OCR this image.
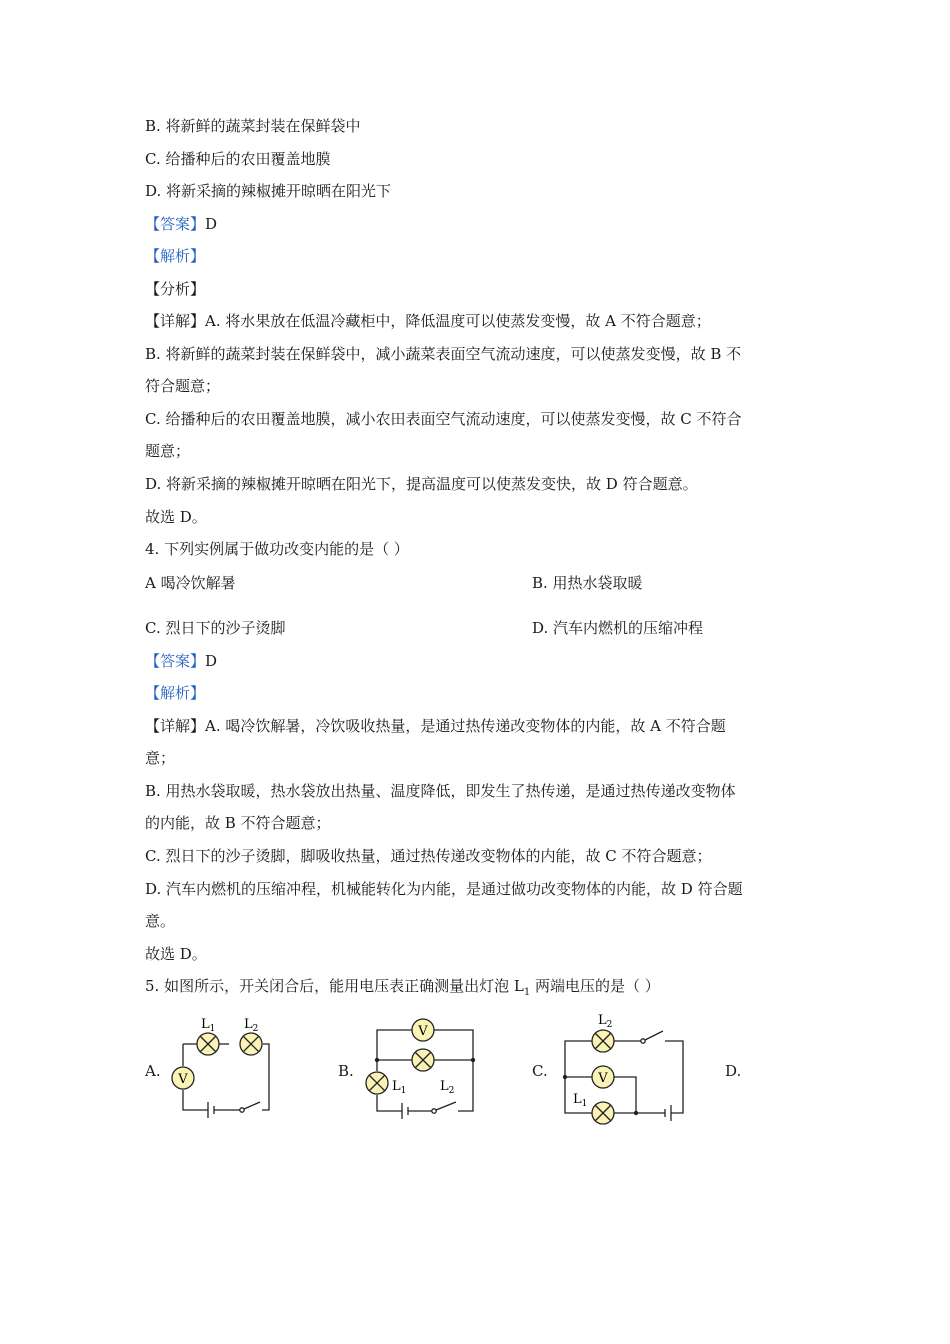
B. 将新鲜的蔬菜封装在保鲜袋中
C. 给播种后的农田覆盖地膜
D. 将新采摘的辣椒摊开晾晒在阳光下
【答案】D
【解析】
【分析】
【详解】A. 将水果放在低温冷藏柜中，降低温度可以使蒸发变慢，故 A 不符合题意；
B. 将新鲜的蔬菜封装在保鲜袋中，减小蔬菜表面空气流动速度，可以使蒸发变慢，故 B 不
符合题意；
C. 给播种后的农田覆盖地膜，减小农田表面空气流动速度，可以使蒸发变慢，故 C 不符合
题意；
D. 将新采摘的辣椒摊开晾晒在阳光下，提高温度可以使蒸发变快，故 D 符合题意。
故选 D。
4. 下列实例属于做功改变内能的是（ ）
A 喝冷饮解暑	B. 用热水袋取暖
C. 烈日下的沙子烫脚	D. 汽车内燃机的压缩冲程
【答案】D
【解析】
【详解】A. 喝冷饮解暑，冷饮吸收热量，是通过热传递改变物体的内能，故 A 不符合题
意；
B. 用热水袋取暖，热水袋放出热量、温度降低，即发生了热传递，是通过热传递改变物体
的内能，故 B 不符合题意；
C. 烈日下的沙子烫脚，脚吸收热量，通过热传递改变物体的内能，故 C 不符合题意；
D. 汽车内燃机的压缩冲程，机械能转化为内能，是通过做功改变物体的内能，故 D 符合题
意。
故选 D。
5. 如图所示，开关闭合后，能用电压表正确测量出灯泡 $L_1$ 两端电压的是（ ）
A.	B.	C.	D.
V
$L_1$ $L_2$	V
$L_1$	$L_2$
V
$L_2$
$L_1$
